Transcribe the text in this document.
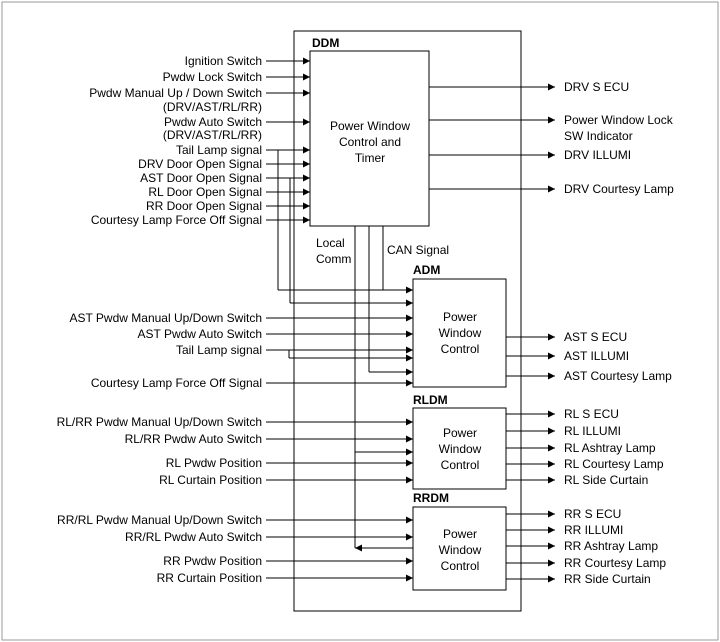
DDM
Power Window
Control and
Timer
Local
Comm
CAN Signal
ADM
Power
Window
Control
RLDM
Power
Window
Control
RRDM
Power
Window
Control
Ignition Switch
Pwdw Lock Switch
Pwdw Manual Up / Down Switch
(DRV/AST/RL/RR)
Pwdw Auto Switch
(DRV/AST/RL/RR)
Tail Lamp signal
DRV Door Open Signal
AST Door Open Signal
RL Door Open Signal
RR Door Open Signal
Courtesy Lamp Force Off Signal
DRV S ECU
Power Window Lock
SW Indicator
DRV ILLUMI
DRV Courtesy Lamp
AST Pwdw Manual Up/Down Switch
AST Pwdw Auto Switch
Tail Lamp signal
Courtesy Lamp Force Off Signal
AST S ECU
AST ILLUMI
AST Courtesy Lamp
RL/RR Pwdw Manual Up/Down Switch
RL/RR Pwdw Auto Switch
RL Pwdw Position
RL Curtain Position
RL S ECU
RL ILLUMI
RL Ashtray Lamp
RL Courtesy Lamp
RL Side Curtain
RR/RL Pwdw Manual Up/Down Switch
RR/RL Pwdw Auto Switch
RR Pwdw Position
RR Curtain Position
RR S ECU
RR ILLUMI
RR Ashtray Lamp
RR Courtesy Lamp
RR Side Curtain
